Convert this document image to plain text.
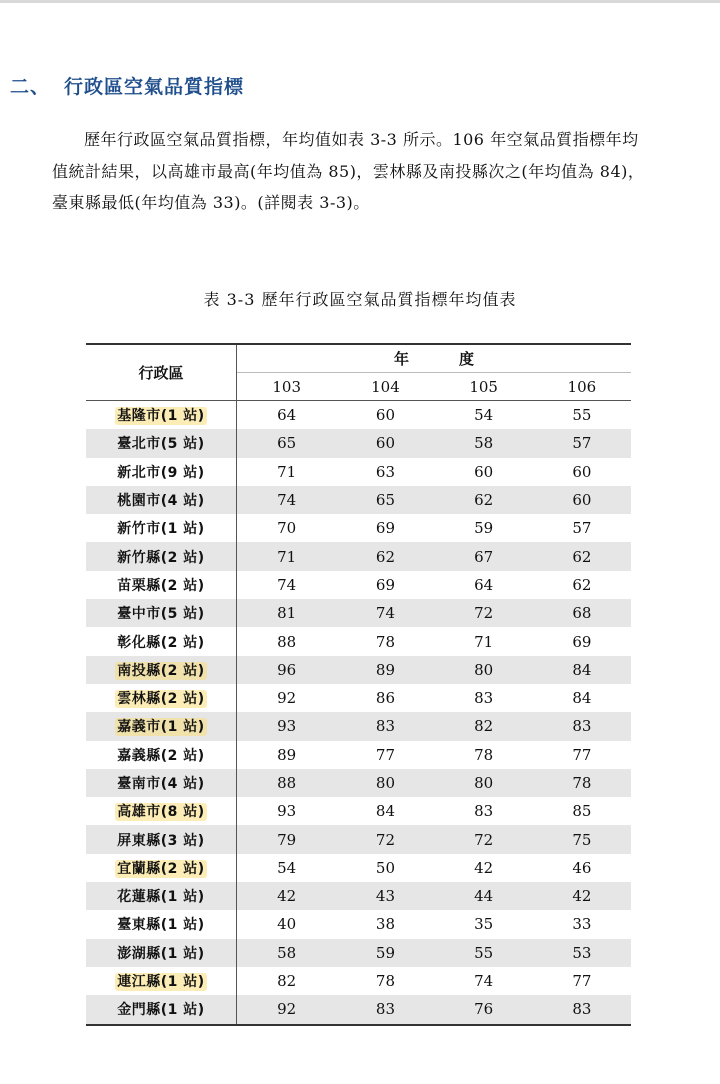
二、 行政區空氣品質指標
歷年行政區空氣品質指標，年均值如表 3-3 所示。106 年空氣品質指標年均
值統計結果，以高雄市最高(年均值為 85)，雲林縣及南投縣次之(年均值為 84)，
臺東縣最低(年均值為 33)。(詳閱表 3-3)。
表 3-3 歷年行政區空氣品質指標年均值表
行政區	年度			
	103	104	105	106
基隆市(1 站)	64	60	54	55
臺北市(5 站)	65	60	58	57
新北市(9 站)	71	63	60	60
桃園市(4 站)	74	65	62	60
新竹市(1 站)	70	69	59	57
新竹縣(2 站)	71	62	67	62
苗栗縣(2 站)	74	69	64	62
臺中市(5 站)	81	74	72	68
彰化縣(2 站)	88	78	71	69
南投縣(2 站)	96	89	80	84
雲林縣(2 站)	92	86	83	84
嘉義市(1 站)	93	83	82	83
嘉義縣(2 站)	89	77	78	77
臺南市(4 站)	88	80	80	78
高雄市(8 站)	93	84	83	85
屏東縣(3 站)	79	72	72	75
宜蘭縣(2 站)	54	50	42	46
花蓮縣(1 站)	42	43	44	42
臺東縣(1 站)	40	38	35	33
澎湖縣(1 站)	58	59	55	53
連江縣(1 站)	82	78	74	77
金門縣(1 站)	92	83	76	83
